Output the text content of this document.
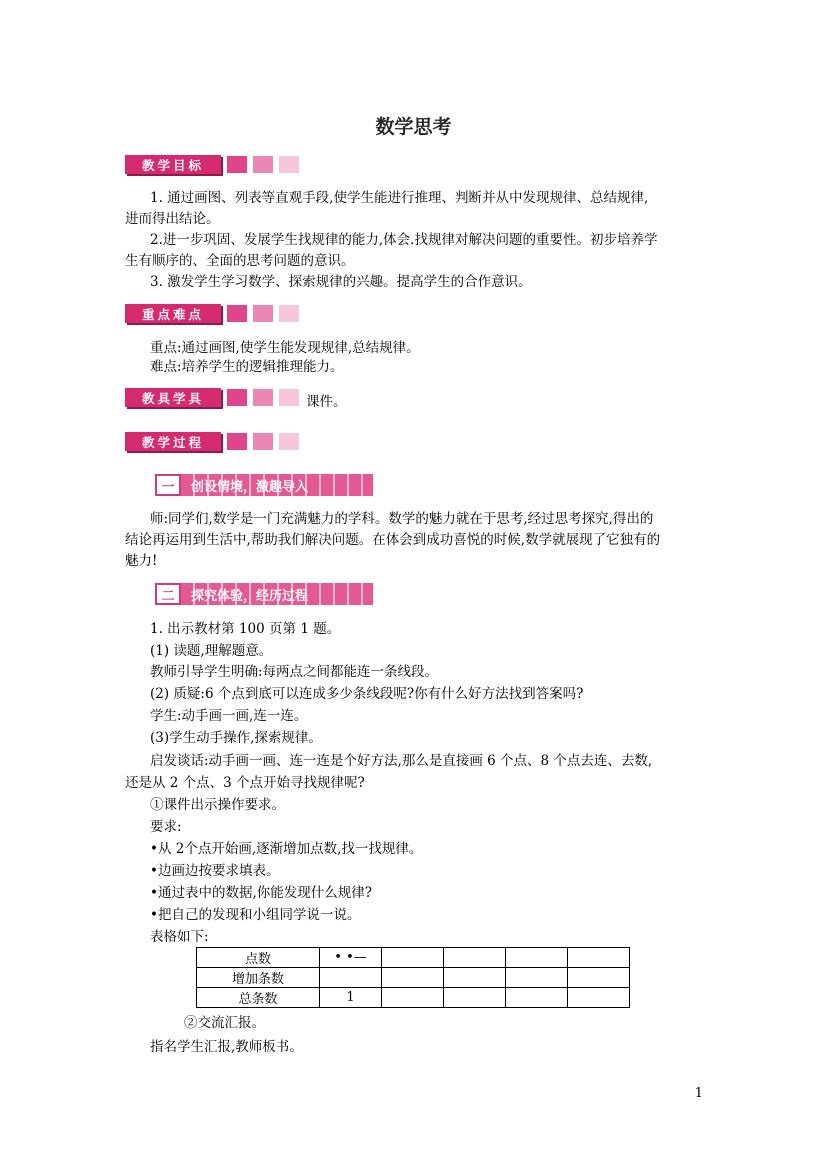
数学思考
教学目标
1. 通过画图、列表等直观手段,使学生能进行推理、判断并从中发现规律、总结规律,
进而得出结论。
2.进一步巩固、发展学生找规律的能力,体会.找规律对解决问题的重要性。初步培养学
生有顺序的、全面的思考问题的意识。
3. 激发学生学习数学、探索规律的兴趣。提高学生的合作意识。
重点难点
重点:通过画图,使学生能发现规律,总结规律。
难点:培养学生的逻辑推理能力。
教具学具	课件。
教学过程
一	创设情境，激趣导入
师:同学们,数学是一门充满魅力的学科。数学的魅力就在于思考,经过思考探究,得出的
结论再运用到生活中,帮助我们解决问题。在体会到成功喜悦的时候,数学就展现了它独有的
魅力!
二	探究体验，经历过程
1. 出示教材第 100 页第 1 题。
(1) 读题,理解题意。
教师引导学生明确:每两点之间都能连一条线段。
(2) 质疑:6 个点到底可以连成多少条线段呢?你有什么好方法找到答案吗?
学生:动手画一画,连一连。
(3)学生动手操作,探索规律。
启发谈话:动手画一画、连一连是个好方法,那么是直接画 6 个点、8 个点去连、去数,
还是从 2 个点、3 个点开始寻找规律呢?
①课件出示操作要求。
要求:
•从 2个点开始画,逐渐增加点数,找一找规律。
•边画边按要求填表。
•通过表中的数据,你能发现什么规律?
•把自己的发现和小组同学说一说。
表格如下:
点数	• •—				
增加条数					
总条数	1				
②交流汇报。
指名学生汇报,教师板书。
1
